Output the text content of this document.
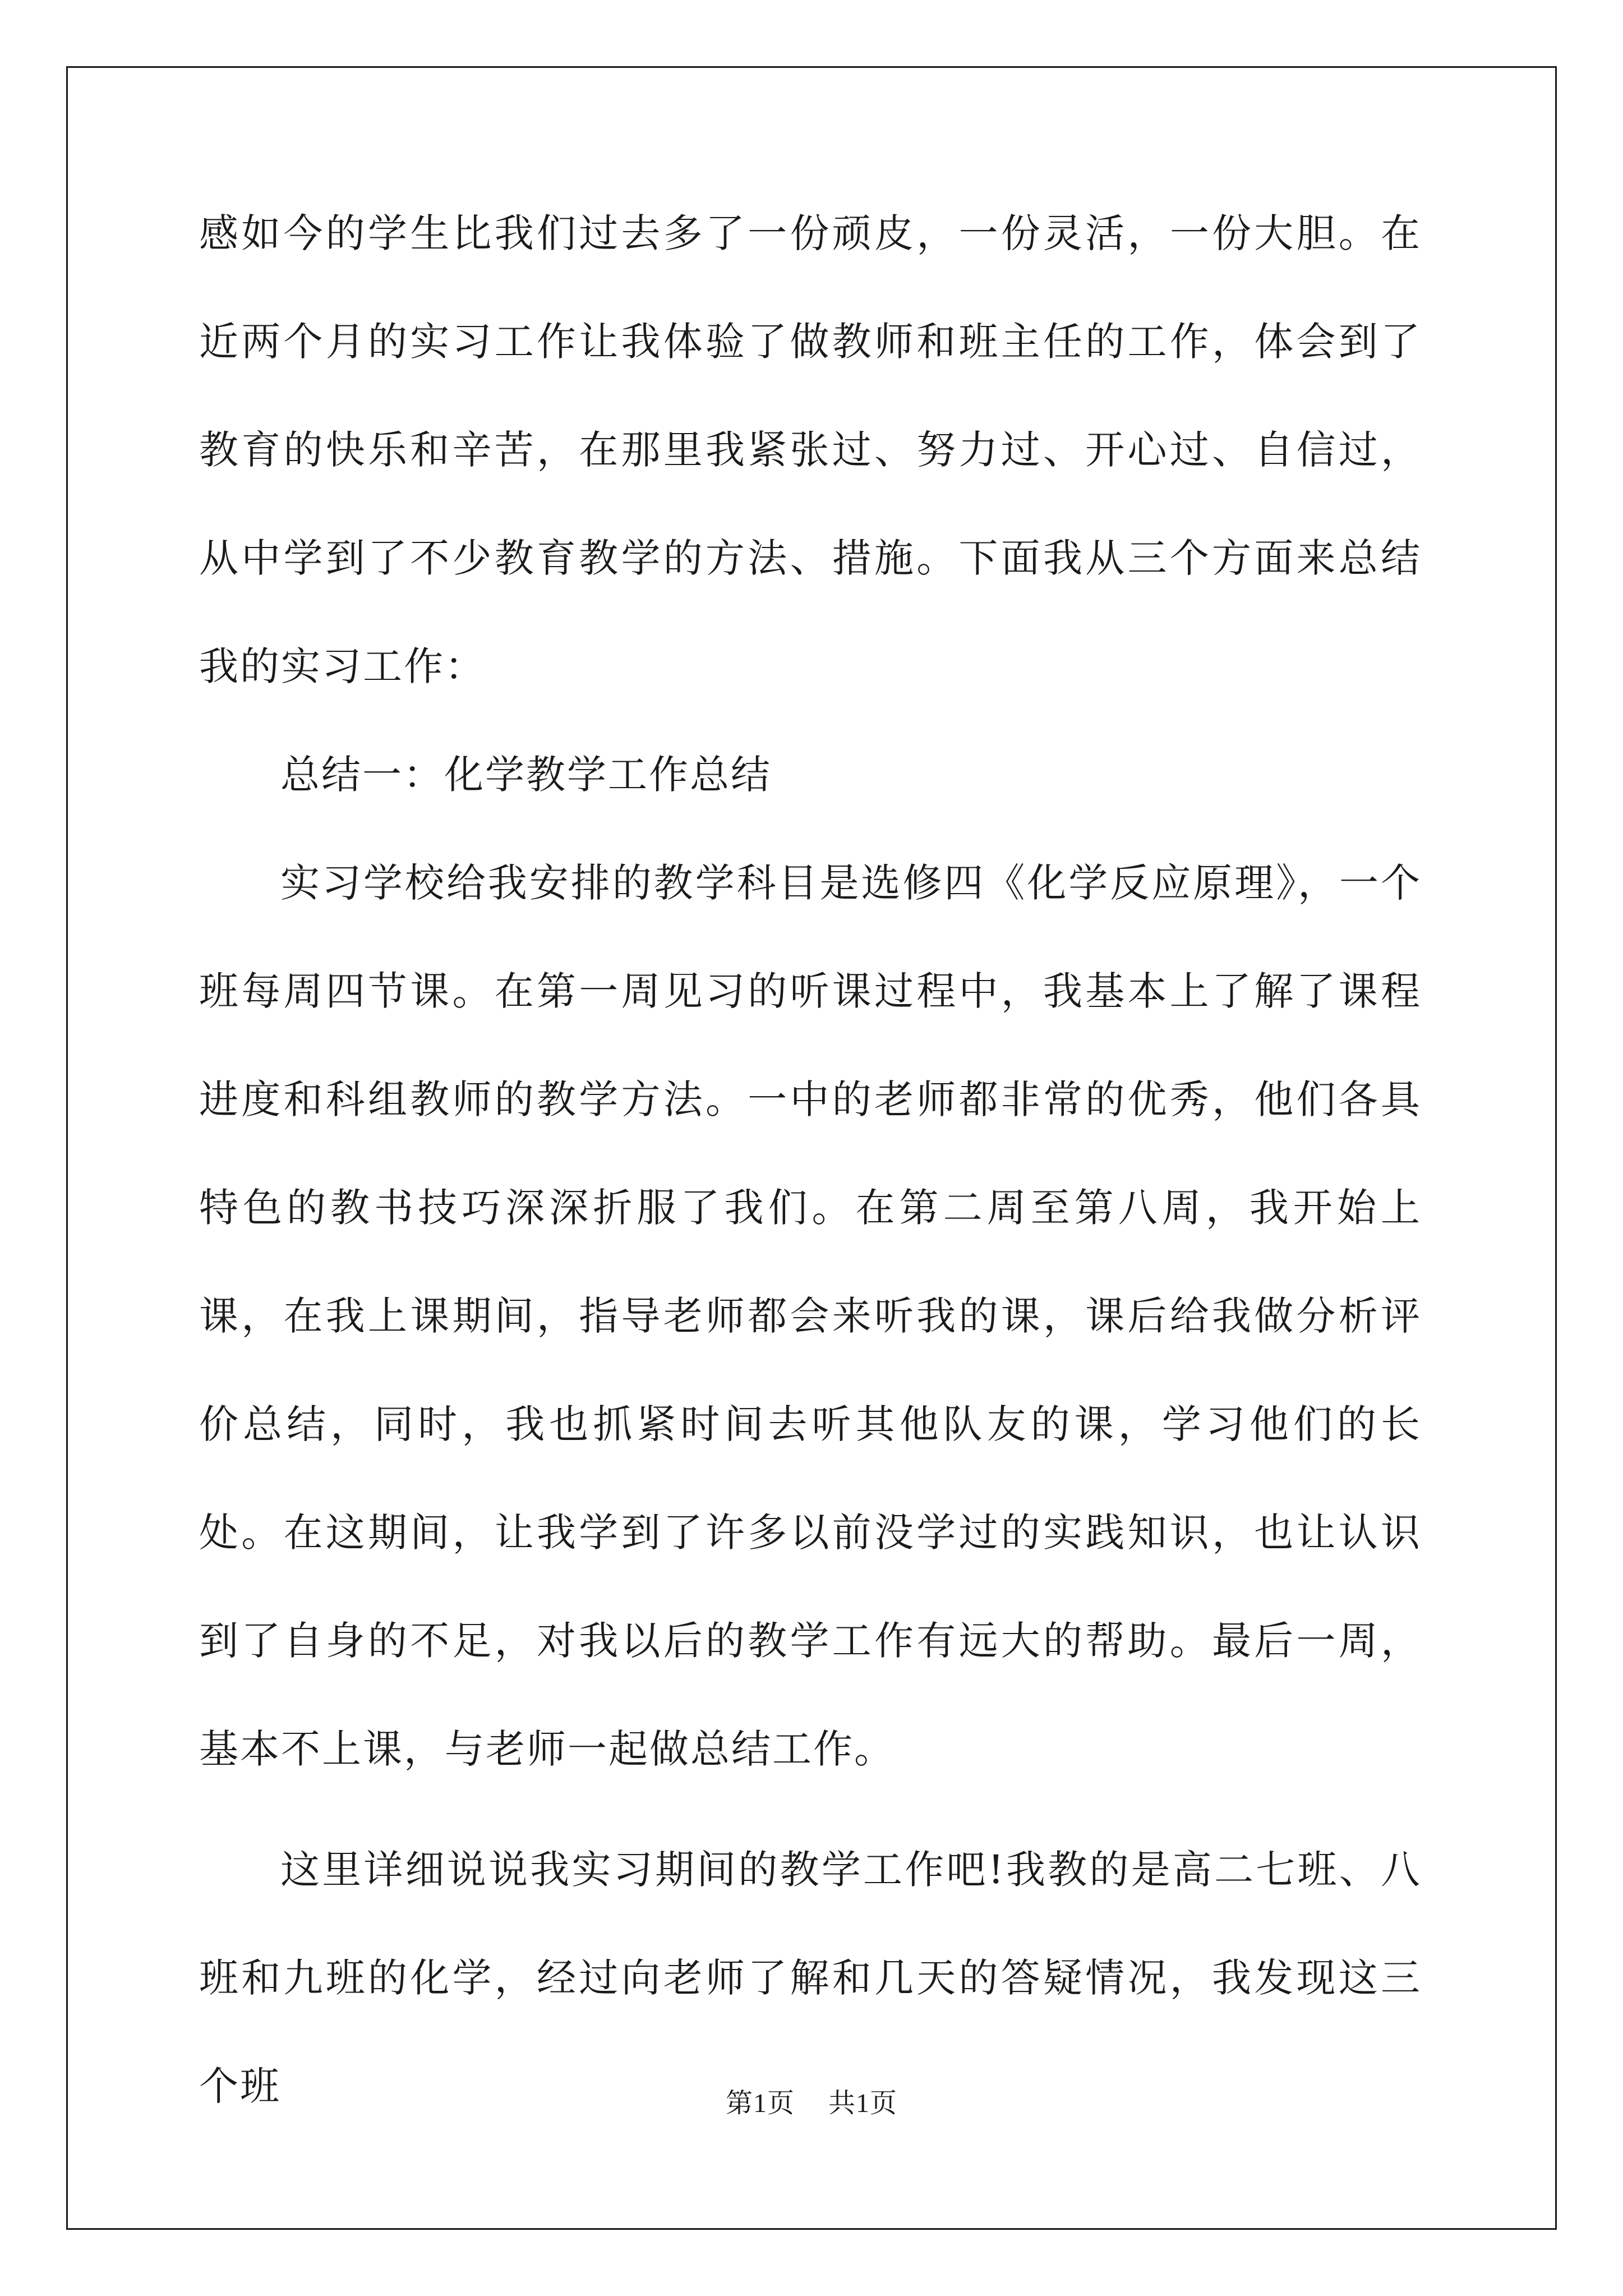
感如今的学生比我们过去多了一份顽皮，一份灵活，一份大胆。在近两个月的实习工作让我体验了做教师和班主任的工作，体会到了教育的快乐和辛苦，在那里我紧张过、努力过、开心过、自信过，从中学到了不少教育教学的方法、措施。下面我从三个方面来总结我的实习工作：

总结一：化学教学工作总结

实习学校给我安排的教学科目是选修四《化学反应原理》，一个班每周四节课。在第一周见习的听课过程中，我基本上了解了课程进度和科组教师的教学方法。一中的老师都非常的优秀，他们各具特色的教书技巧深深折服了我们。在第二周至第八周，我开始上课，在我上课期间，指导老师都会来听我的课，课后给我做分析评价总结，同时，我也抓紧时间去听其他队友的课，学习他们的长处。在这期间，让我学到了许多以前没学过的实践知识，也让认识到了自身的不足，对我以后的教学工作有远大的帮助。最后一周，基本不上课，与老师一起做总结工作。

这里详细说说我实习期间的教学工作吧!我教的是高二七班、八班和九班的化学，经过向老师了解和几天的答疑情况，我发现这三个班	第1页 共1页
